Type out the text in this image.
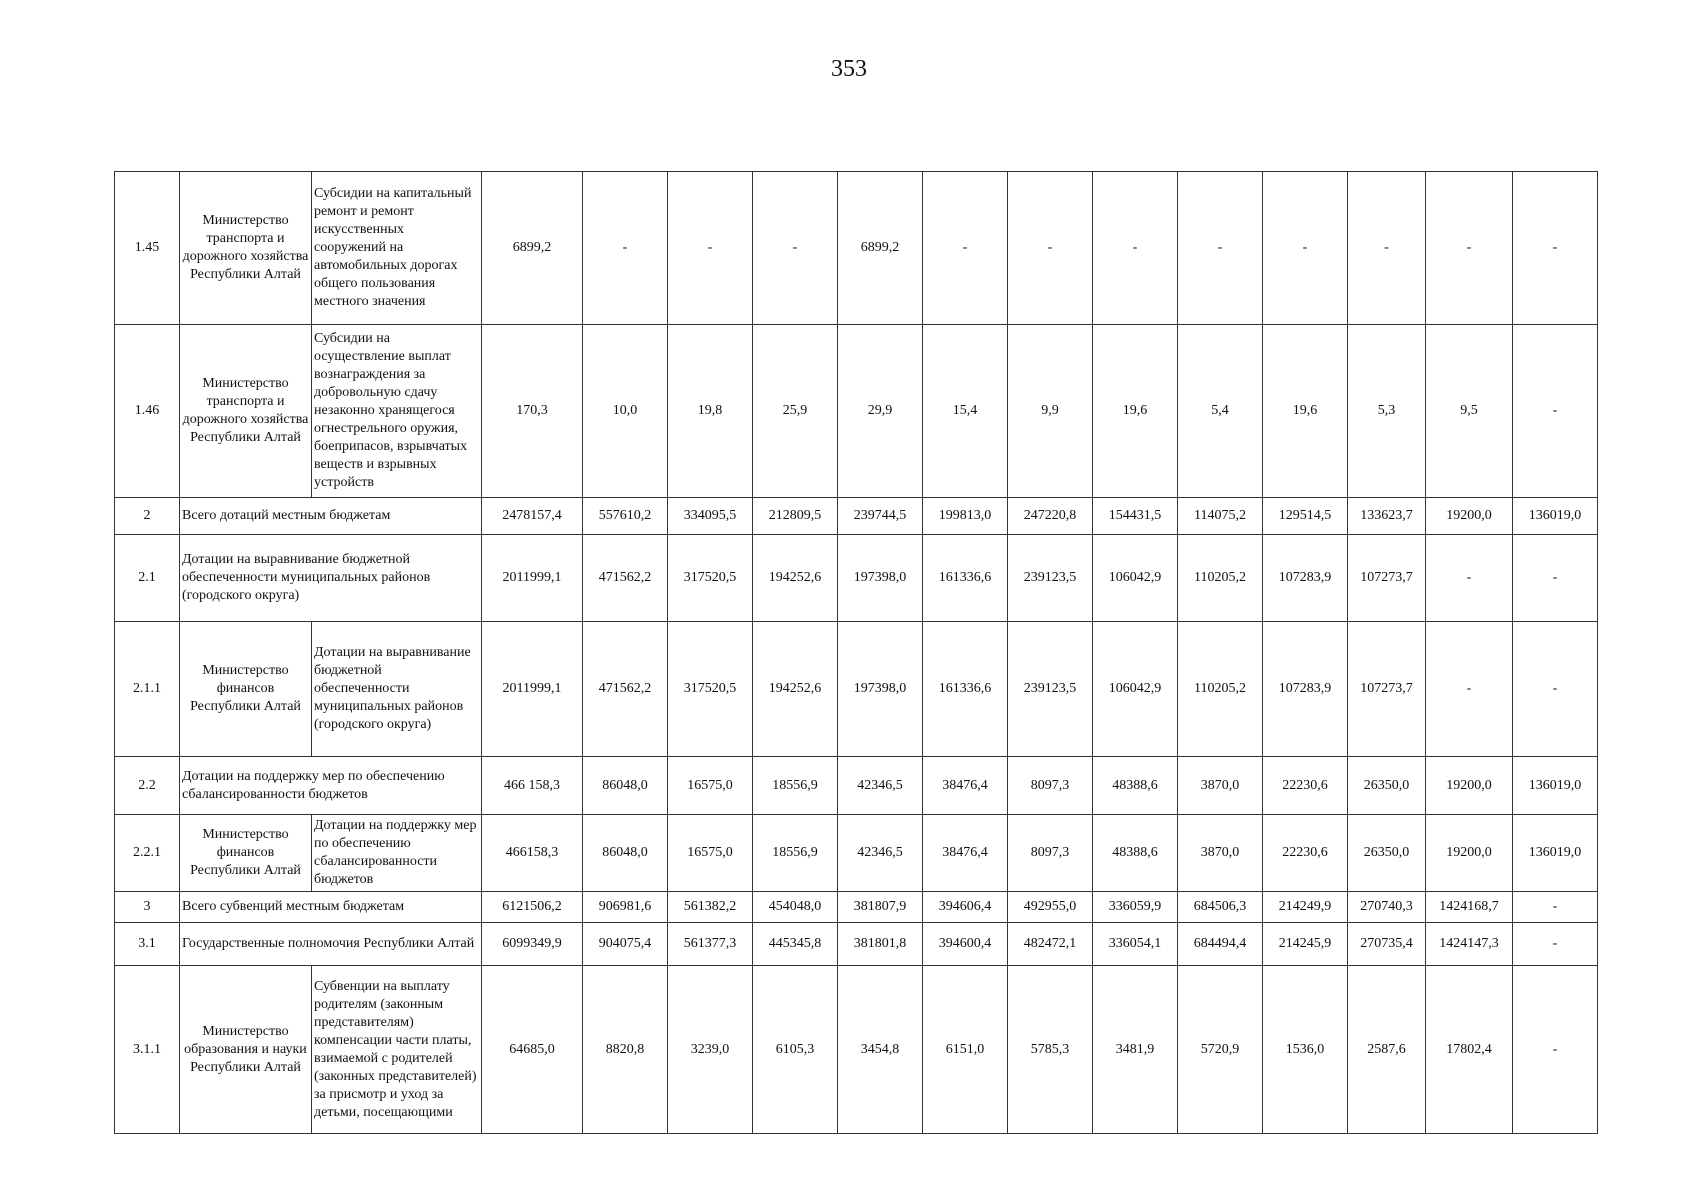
353
1.45	Министерство транспорта и дорожного хозяйства Республики Алтай	Субсидии на капитальный ремонт и ремонт искусственных сооружений на автомобильных дорогах общего пользования местного значения	6899,2	-	-	-	6899,2	-	-	-	-	-	-	-	-
1.46	Министерство транспорта и дорожного хозяйства Республики Алтай	Субсидии на осуществление выплат вознаграждения за добровольную сдачу незаконно хранящегося огнестрельного оружия, боеприпасов, взрывчатых веществ и взрывных устройств	170,3	10,0	19,8	25,9	29,9	15,4	9,9	19,6	5,4	19,6	5,3	9,5	-
2	Всего дотаций местным бюджетам		2478157,4	557610,2	334095,5	212809,5	239744,5	199813,0	247220,8	154431,5	114075,2	129514,5	133623,7	19200,0	136019,0
2.1	Дотации на выравнивание бюджетной обеспеченности муниципальных районов (городского округа)		2011999,1	471562,2	317520,5	194252,6	197398,0	161336,6	239123,5	106042,9	110205,2	107283,9	107273,7	-	-
2.1.1	Министерство финансов Республики Алтай	Дотации на выравнивание бюджетной обеспеченности муниципальных районов (городского округа)	2011999,1	471562,2	317520,5	194252,6	197398,0	161336,6	239123,5	106042,9	110205,2	107283,9	107273,7	-	-
2.2	Дотации на поддержку мер по обеспечению сбалансированности бюджетов		466 158,3	86048,0	16575,0	18556,9	42346,5	38476,4	8097,3	48388,6	3870,0	22230,6	26350,0	19200,0	136019,0
2.2.1	Министерство финансов Республики Алтай	Дотации на поддержку мер по обеспечению сбалансированности бюджетов	466158,3	86048,0	16575,0	18556,9	42346,5	38476,4	8097,3	48388,6	3870,0	22230,6	26350,0	19200,0	136019,0
3	Всего субвенций местным бюджетам		6121506,2	906981,6	561382,2	454048,0	381807,9	394606,4	492955,0	336059,9	684506,3	214249,9	270740,3	1424168,7	-
3.1	Государственные полномочия Республики Алтай		6099349,9	904075,4	561377,3	445345,8	381801,8	394600,4	482472,1	336054,1	684494,4	214245,9	270735,4	1424147,3	-
3.1.1	Министерство образования и науки Республики Алтай	Субвенции на выплату родителям (законным представителям) компенсации части платы, взимаемой с родителей (законных представителей) за присмотр и уход за детьми, посещающими	64685,0	8820,8	3239,0	6105,3	3454,8	6151,0	5785,3	3481,9	5720,9	1536,0	2587,6	17802,4	-
